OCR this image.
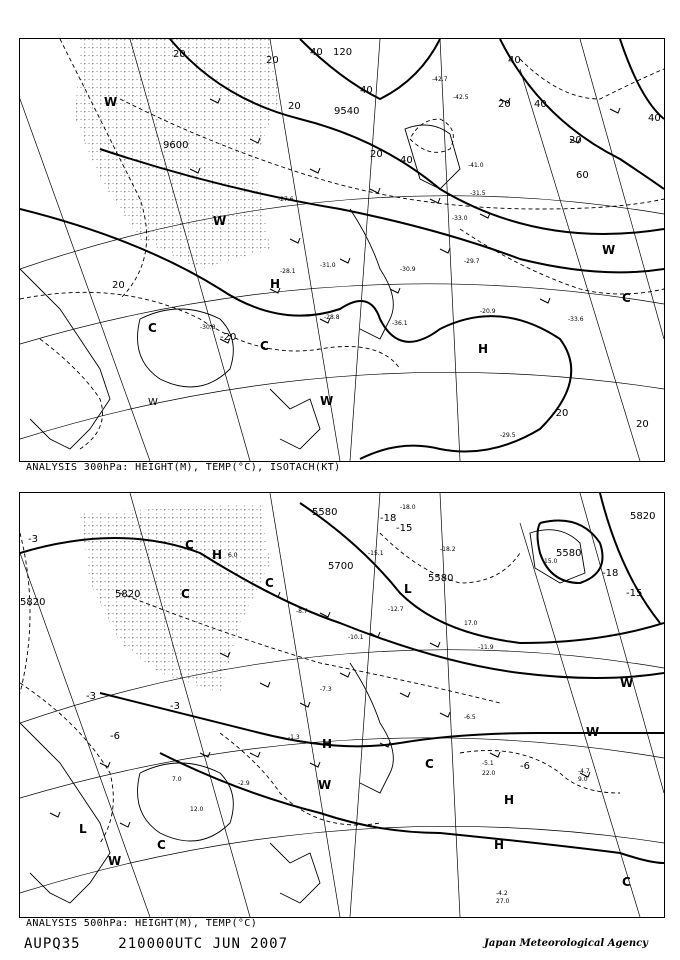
9600
9540
40 120
20
20
20
20
40
40
40
40
20
20
60
40
20
W
W
H
C
C	H
W
C
W
W
-20
20
-20
-42.7
-42.5
-41.0
-31.5
-33.0
-29.7
-30.9
-36.1
-20.9
-33.6
-27.6
-31.0
-28.1
-29.5
-28.8
-30.8
ANALYSIS 300hPa: HEIGHT(M), TEMP(°C), ISOTACH(KT)
5580
5820
5820
5820
5700
5580
5580
-3
-15
-18
-15
-18
-3
-6
-6
-3
H
C
C
C
L
C
W
W
C
H
H
W
C
W
H
L
-18.0
-18.2
-15.1
-12.7
-11.9
-10.1
-8.7
-7.3
-6.5
-5.1
-4.7
-4.2
-2.9
-1.3
22.0
27.0
12.0
7.0	9.0
6.0
15.0
17.0
ANALYSIS 500hPa: HEIGHT(M), TEMP(°C)
AUPQ35	210000UTC JUN 2007	Japan Meteorological Agency
